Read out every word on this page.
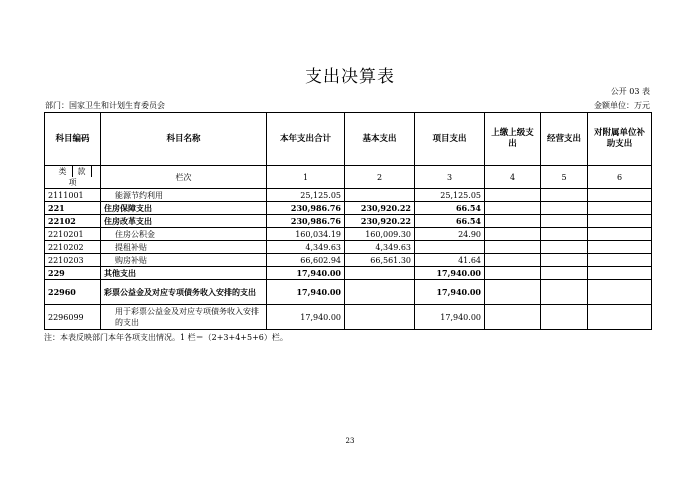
支出决算表
公开 03 表
部门：国家卫生和计划生育委员会	金额单位：万元
科目编码	科目名称	本年支出合计	基本支出	项目支出	上缴上级支出	经营支出	对附属单位补助支出
类 款项	栏次	1	2	3	4	5	6
2111001	能源节约利用	25,125.05		25,125.05			
221	住房保障支出	230,986.76	230,920.22	66.54			
22102	住房改革支出	230,986.76	230,920.22	66.54			
2210201	住房公积金	160,034.19	160,009.30	24.90			
2210202	提租补贴	4,349.63	4,349.63				
2210203	购房补贴	66,602.94	66,561.30	41.64			
229	其他支出	17,940.00		17,940.00			
22960	彩票公益金及对应专项债务收入安排的支出	17,940.00		17,940.00			
2296099	用于彩票公益金及对应专项债务收入安排的支出	17,940.00		17,940.00			
注：本表反映部门本年各项支出情况。1 栏＝（2+3+4+5+6）栏。
23
